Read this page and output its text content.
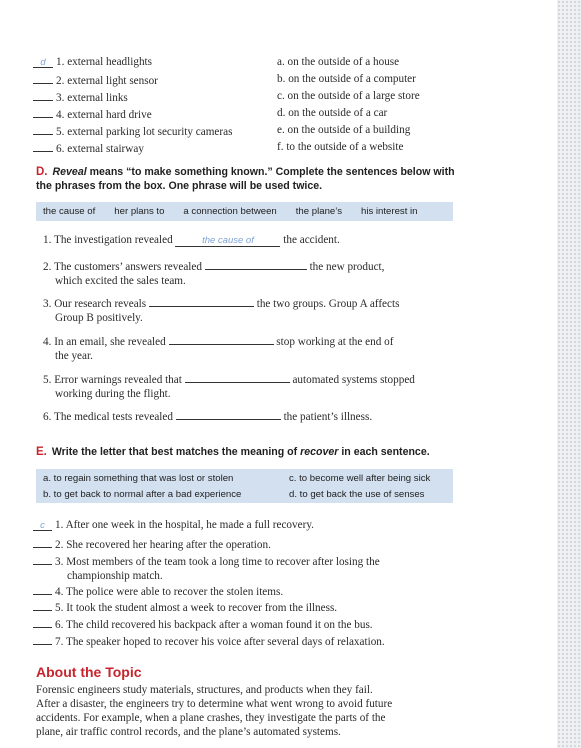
d 1. external headlights
2. external light sensor
3. external links
4. external hard drive
5. external parking lot security cameras
6. external stairway
a. on the outside of a house
b. on the outside of a computer
c. on the outside of a large store
d. on the outside of a car
e. on the outside of a building
f. to the outside of a website
D. Reveal means “to make something known.” Complete the sentences below with the phrases from the box. One phrase will be used twice.
the cause of her plans to a connection between the plane’s his interest in
1. The investigation revealed	the cause of	the accident.
2. The customers’ answers revealed	the new product,
which excited the sales team.
3. Our research reveals	the two groups. Group A affects
Group B positively.
4. In an email, she revealed	stop working at the end of
the year.
5. Error warnings revealed that	automated systems stopped
working during the flight.
6. The medical tests revealed	the patient’s illness.
E. Write the letter that best matches the meaning of recover in each sentence.
a. to regain something that was lost or stolen	c. to become well after being sick
b. to get back to normal after a bad experience	d. to get back the use of senses
c 1. After one week in the hospital, he made a full recovery.
2. She recovered her hearing after the operation.
3. Most members of the team took a long time to recover after losing the
championship match.
4. The police were able to recover the stolen items.
5. It took the student almost a week to recover from the illness.
6. The child recovered his backpack after a woman found it on the bus.
7. The speaker hoped to recover his voice after several days of relaxation.
About the Topic
Forensic engineers study materials, structures, and products when they fail.
After a disaster, the engineers try to determine what went wrong to avoid future
accidents. For example, when a plane crashes, they investigate the parts of the
plane, air traffic control records, and the plane’s automated systems.
